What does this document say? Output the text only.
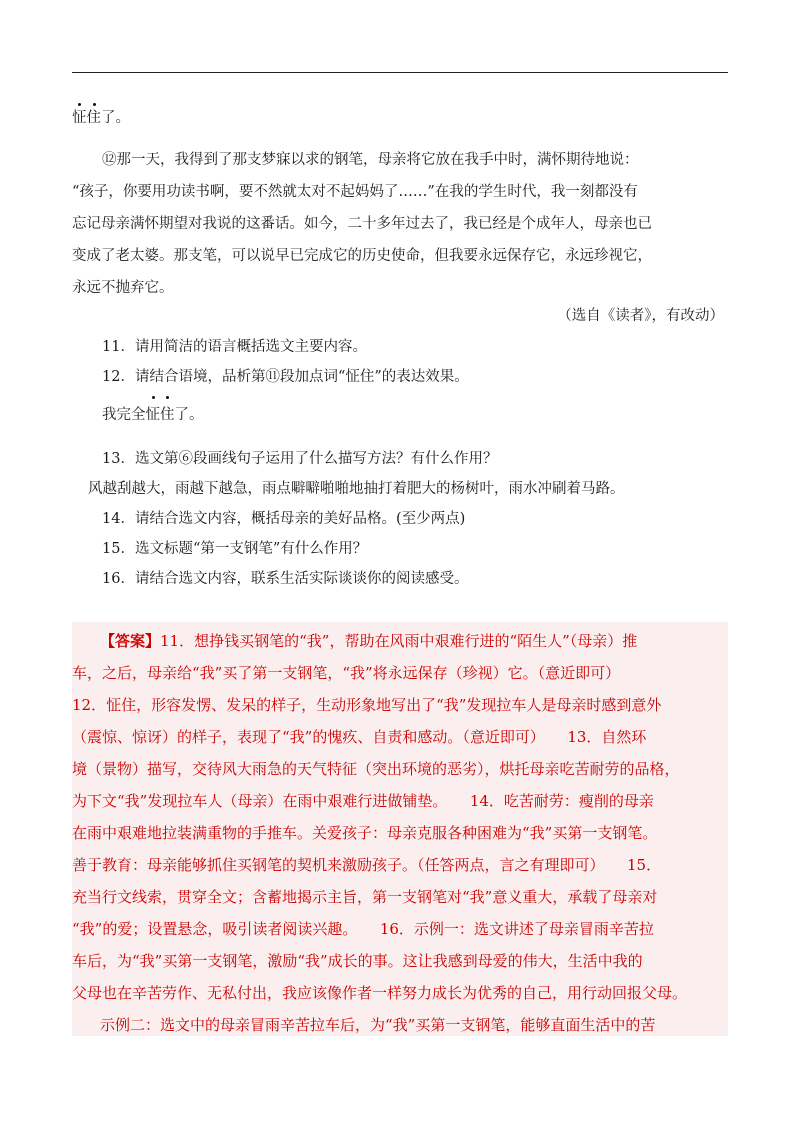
怔住了。
⑫那一天，我得到了那支梦寐以求的钢笔，母亲将它放在我手中时，满怀期待地说：
“孩子，你要用功读书啊，要不然就太对不起妈妈了……”在我的学生时代，我一刻都没有
忘记母亲满怀期望对我说的这番话。如今，二十多年过去了，我已经是个成年人，母亲也已
变成了老太婆。那支笔，可以说早已完成它的历史使命，但我要永远保存它，永远珍视它，
永远不抛弃它。
（选自《读者》，有改动）
11．请用简洁的语言概括选文主要内容。
12．请结合语境，品析第⑪段加点词“怔住”的表达效果。
我完全怔住了。
13．选文第⑥段画线句子运用了什么描写方法？有什么作用？
风越刮越大，雨越下越急，雨点噼噼啪啪地抽打着肥大的杨树叶，雨水冲刷着马路。
14．请结合选文内容，概括母亲的美好品格。(至少两点)
15．选文标题“第一支钢笔”有什么作用？
16．请结合选文内容，联系生活实际谈谈你的阅读感受。
【答案】11．想挣钱买钢笔的“我”，帮助在风雨中艰难行进的“陌生人”（母亲）推
车，之后，母亲给“我”买了第一支钢笔，“我”将永远保存（珍视）它。（意近即可）
12．怔住，形容发愣、发呆的样子，生动形象地写出了“我”发现拉车人是母亲时感到意外
（震惊、惊讶）的样子，表现了“我”的愧疚、自责和感动。（意近即可）　　13．自然环
境（景物）描写，交待风大雨急的天气特征（突出环境的恶劣），烘托母亲吃苦耐劳的品格，
为下文“我”发现拉车人（母亲）在雨中艰难行进做铺垫。　　14．吃苦耐劳：瘦削的母亲
在雨中艰难地拉装满重物的手推车。关爱孩子：母亲克服各种困难为“我”买第一支钢笔。
善于教育：母亲能够抓住买钢笔的契机来激励孩子。（任答两点，言之有理即可）　　15．
充当行文线索，贯穿全文；含蓄地揭示主旨，第一支钢笔对“我”意义重大，承载了母亲对
“我”的爱；设置悬念，吸引读者阅读兴趣。　　16．示例一：选文讲述了母亲冒雨辛苦拉
车后，为“我”买第一支钢笔，激励“我”成长的事。这让我感到母爱的伟大，生活中我的
父母也在辛苦劳作、无私付出，我应该像作者一样努力成长为优秀的自己，用行动回报父母。
示例二：选文中的母亲冒雨辛苦拉车后，为“我”买第一支钢笔，能够直面生活中的苦
